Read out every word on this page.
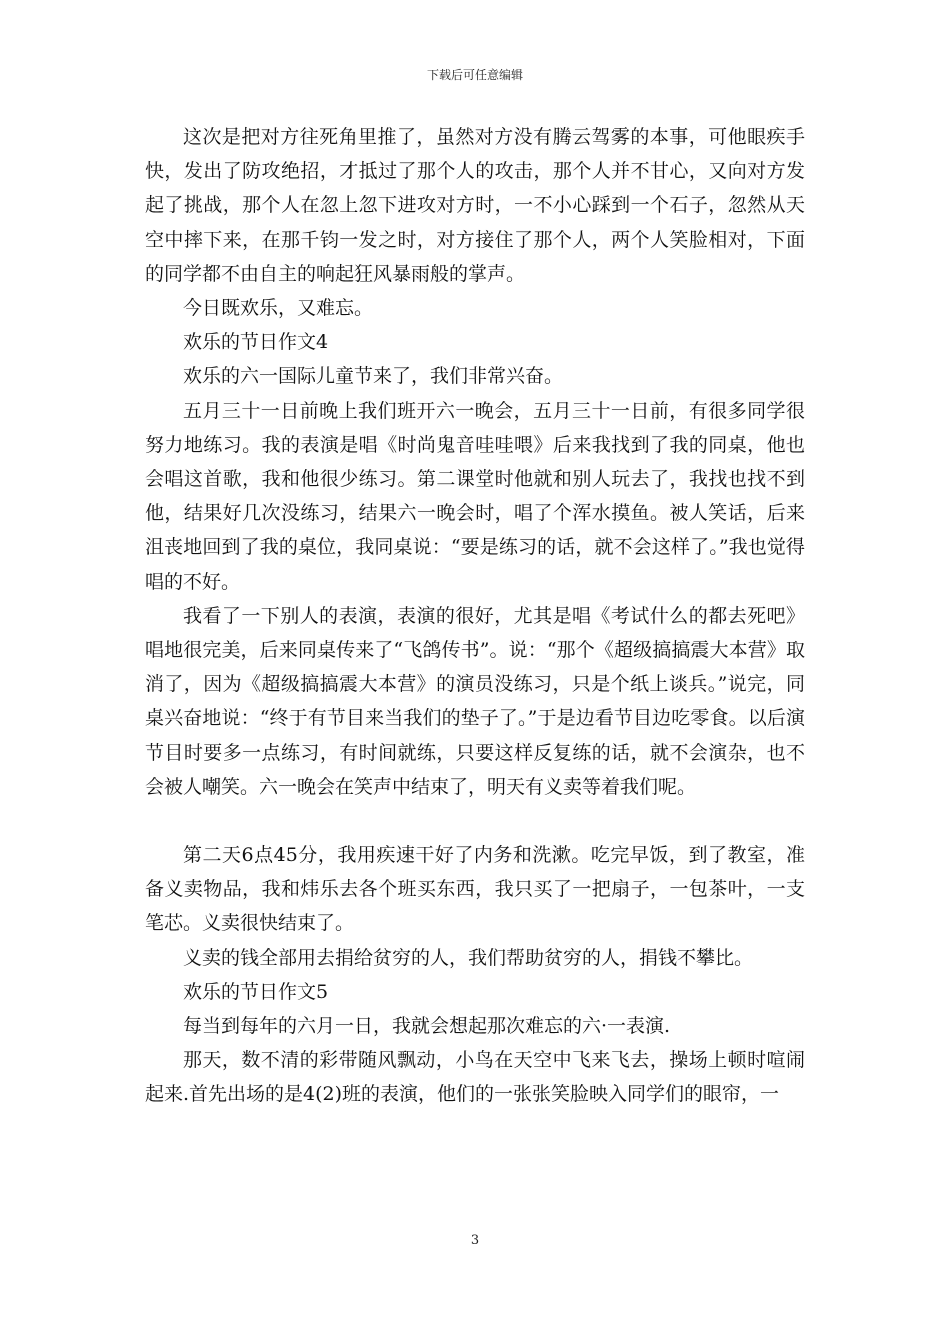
下载后可任意编辑

这次是把对方往死角里推了，虽然对方没有腾云驾雾的本事，可他眼疾手快，发出了防攻绝招，才抵过了那个人的攻击，那个人并不甘心，又向对方发起了挑战，那个人在忽上忽下进攻对方时，一不小心踩到一个石子，忽然从天空中摔下来，在那千钧一发之时，对方接住了那个人，两个人笑脸相对，下面的同学都不由自主的响起狂风暴雨般的掌声。

今日既欢乐，又难忘。

欢乐的节日作文4

欢乐的六一国际儿童节来了，我们非常兴奋。

五月三十一日前晚上我们班开六一晚会，五月三十一日前，有很多同学很努力地练习。我的表演是唱《时尚鬼音哇哇喂》后来我找到了我的同桌，他也会唱这首歌，我和他很少练习。第二课堂时他就和别人玩去了，我找也找不到他，结果好几次没练习，结果六一晚会时，唱了个浑水摸鱼。被人笑话，后来沮丧地回到了我的桌位，我同桌说：“要是练习的话，就不会这样了。”我也觉得唱的不好。

我看了一下别人的表演，表演的很好，尤其是唱《考试什么的都去死吧》唱地很完美，后来同桌传来了“飞鸽传书”。说：“那个《超级搞搞震大本营》取消了，因为《超级搞搞震大本营》的演员没练习，只是个纸上谈兵。”说完，同桌兴奋地说：“终于有节目来当我们的垫子了。”于是边看节目边吃零食。以后演节目时要多一点练习，有时间就练，只要这样反复练的话，就不会演杂，也不会被人嘲笑。六一晚会在笑声中结束了，明天有义卖等着我们呢。

第二天6点45分，我用疾速干好了内务和洗漱。吃完早饭，到了教室，准备义卖物品，我和炜乐去各个班买东西，我只买了一把扇子，一包茶叶，一支笔芯。义卖很快结束了。

义卖的钱全部用去捐给贫穷的人，我们帮助贫穷的人，捐钱不攀比。

欢乐的节日作文5

每当到每年的六月一日，我就会想起那次难忘的六·一表演.

那天，数不清的彩带随风飘动，小鸟在天空中飞来飞去，操场上顿时喧闹起来.首先出场的是4(2)班的表演，他们的一张张笑脸映入同学们的眼帘，一

3
